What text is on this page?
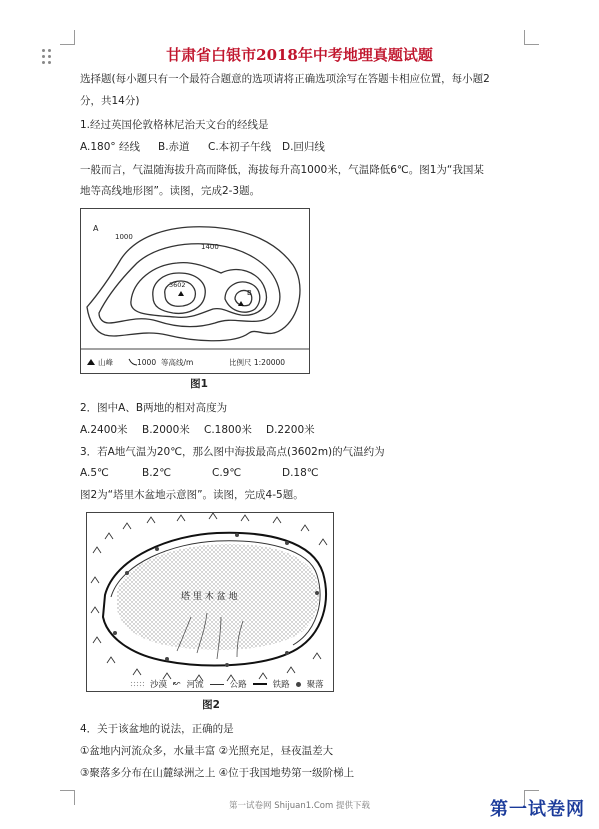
甘肃省白银市2018年中考地理真题试题
选择题(每小题只有一个最符合题意的选项请将正确选项涂写在答题卡相应位置，每小题2
分，共14分)
1.经过英国伦敦格林尼治天文台的经线是
A.180° 经线	B.赤道	C.本初子午线	D.回归线
一般而言，气温随海拔升高而降低，海拔每升高1000米，气温降低6℃。图1为“我国某
地等高线地形图”。读图，完成2-3题。
A
1000
1400
3602
B
山峰	1000 等高线/m	比例尺 1:20000
图1
2．图中A、B两地的相对高度为
A.2400米	B.2000米	C.1800米	D.2200米
3．若A地气温为20℃，那么图中海拔最高点(3602m)的气温约为
A.5℃	B.2℃	C.9℃	D.18℃
图2为“塔里木盆地示意图”。读图，完成4-5题。
塔 里 木 盆 地
沙漠 ↜ 河流	公路	铁路 聚落
图2
4．关于该盆地的说法，正确的是
①盆地内河流众多，水量丰富 ②光照充足，昼夜温差大
③聚落多分布在山麓绿洲之上 ④位于我国地势第一级阶梯上
第一试卷网 Shijuan1.Com 提供下载	第一试卷网
